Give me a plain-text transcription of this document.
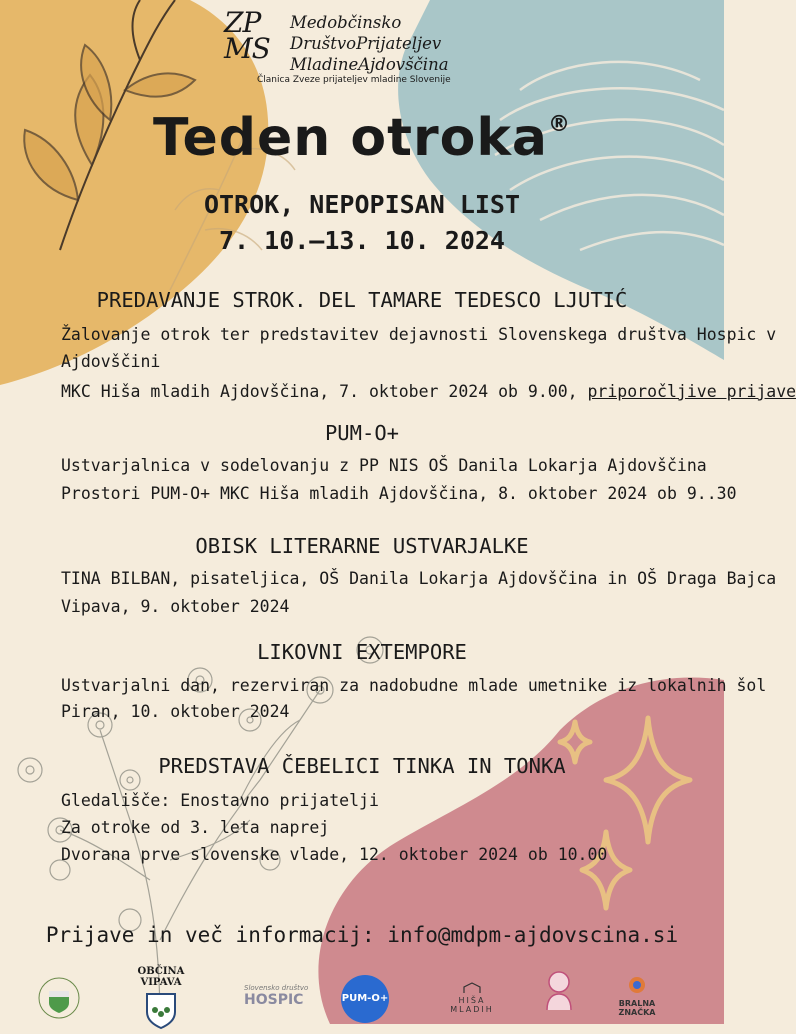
ZP MS
Medobčinsko
DruštvoPrijateljev
MladineAjdovščina
Članica Zveze prijateljev mladine Slovenije
Teden otroka®
OTROK, NEPOPISAN LIST
7. 10.–13. 10. 2024
PREDAVANJE STROK. DEL TAMARE TEDESCO LJUTIĆ
Žalovanje otrok ter predstavitev dejavnosti Slovenskega društva Hospic v
Ajdovščini
MKC Hiša mladih Ajdovščina, 7. oktober 2024 ob 9.00, priporočljive prijave
PUM-O+
Ustvarjalnica v sodelovanju z PP NIS OŠ Danila Lokarja Ajdovščina
Prostori PUM-O+ MKC Hiša mladih Ajdovščina, 8. oktober 2024 ob 9..30
OBISK LITERARNE USTVARJALKE
TINA BILBAN, pisateljica, OŠ Danila Lokarja Ajdovščina in OŠ Draga Bajca
Vipava, 9. oktober 2024
LIKOVNI EXTEMPORE
Ustvarjalni dan, rezerviran za nadobudne mlade umetnike iz lokalnih šol
Piran, 10. oktober 2024
PREDSTAVA ČEBELICI TINKA IN TONKA
Gledališče: Enostavno prijatelji
Za otroke od 3. leta naprej
Dvorana prve slovenske vlade, 12. oktober 2024 ob 10.00
Prijave in več informacij: info@mdpm-ajdovscina.si
OBČINA VIPAVA	Slovensko društvo
HOSPIC	PUM-O+	HIŠA
MLADIH
BRALNA ZNAČKA
